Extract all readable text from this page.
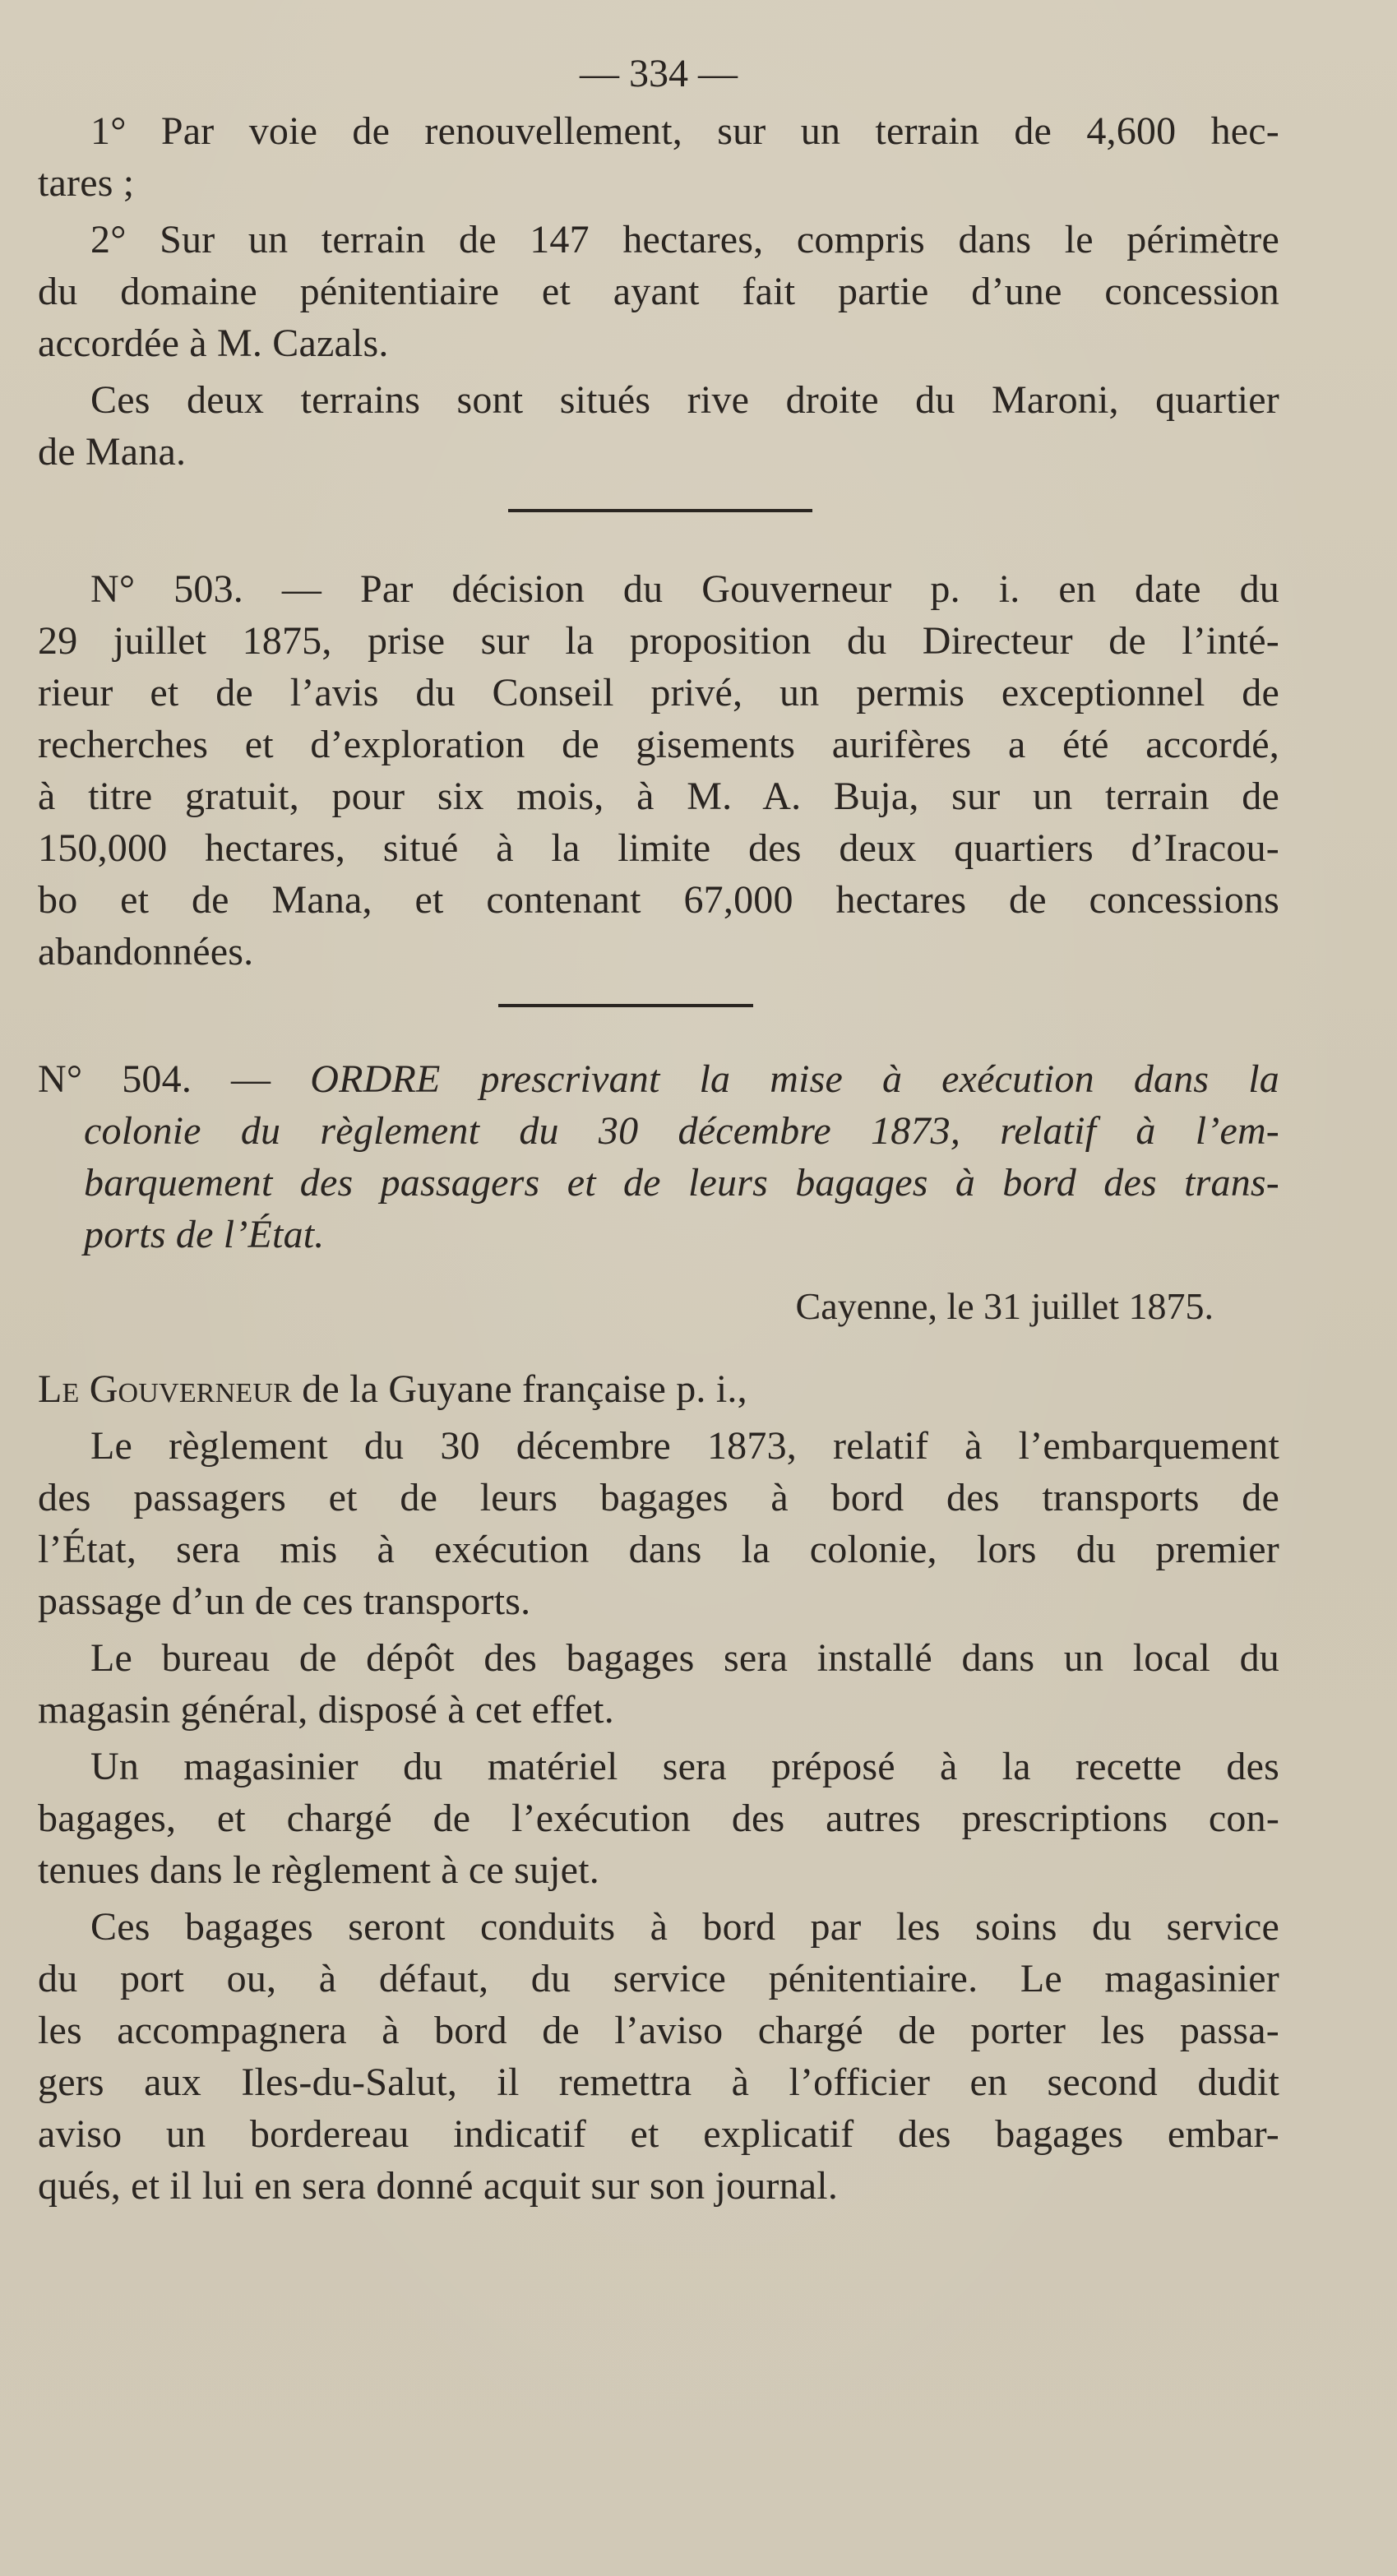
— 334 —
1° Par voie de renouvellement, sur un terrain de 4,600 hec-
tares ;
2° Sur un terrain de 147 hectares, compris dans le périmètre
du domaine pénitentiaire et ayant fait partie d’une concession
accordée à M. Cazals.
Ces deux terrains sont situés rive droite du Maroni, quartier
de Mana.
N° 503. — Par décision du Gouverneur p. i. en date du
29 juillet 1875, prise sur la proposition du Directeur de l’inté-
rieur et de l’avis du Conseil privé, un permis exceptionnel de
recherches et d’exploration de gisements aurifères a été accordé,
à titre gratuit, pour six mois, à M. A. Buja, sur un terrain de
150,000 hectares, situé à la limite des deux quartiers d’Iracou-
bo et de Mana, et contenant 67,000 hectares de concessions
abandonnées.
N° 504. — ORDRE prescrivant la mise à exécution dans la
colonie du règlement du 30 décembre 1873, relatif à l’em-
barquement des passagers et de leurs bagages à bord des trans-
ports de l’État.
Cayenne, le 31 juillet 1875.
Le Gouverneur de la Guyane française p. i.,
Le règlement du 30 décembre 1873, relatif à l’embarquement
des passagers et de leurs bagages à bord des transports de
l’État, sera mis à exécution dans la colonie, lors du premier
passage d’un de ces transports.
Le bureau de dépôt des bagages sera installé dans un local du
magasin général, disposé à cet effet.
Un magasinier du matériel sera préposé à la recette des
bagages, et chargé de l’exécution des autres prescriptions con-
tenues dans le règlement à ce sujet.
Ces bagages seront conduits à bord par les soins du service
du port ou, à défaut, du service pénitentiaire. Le magasinier
les accompagnera à bord de l’aviso chargé de porter les passa-
gers aux Iles-du-Salut, il remettra à l’officier en second dudit
aviso un bordereau indicatif et explicatif des bagages embar-
qués, et il lui en sera donné acquit sur son journal.
